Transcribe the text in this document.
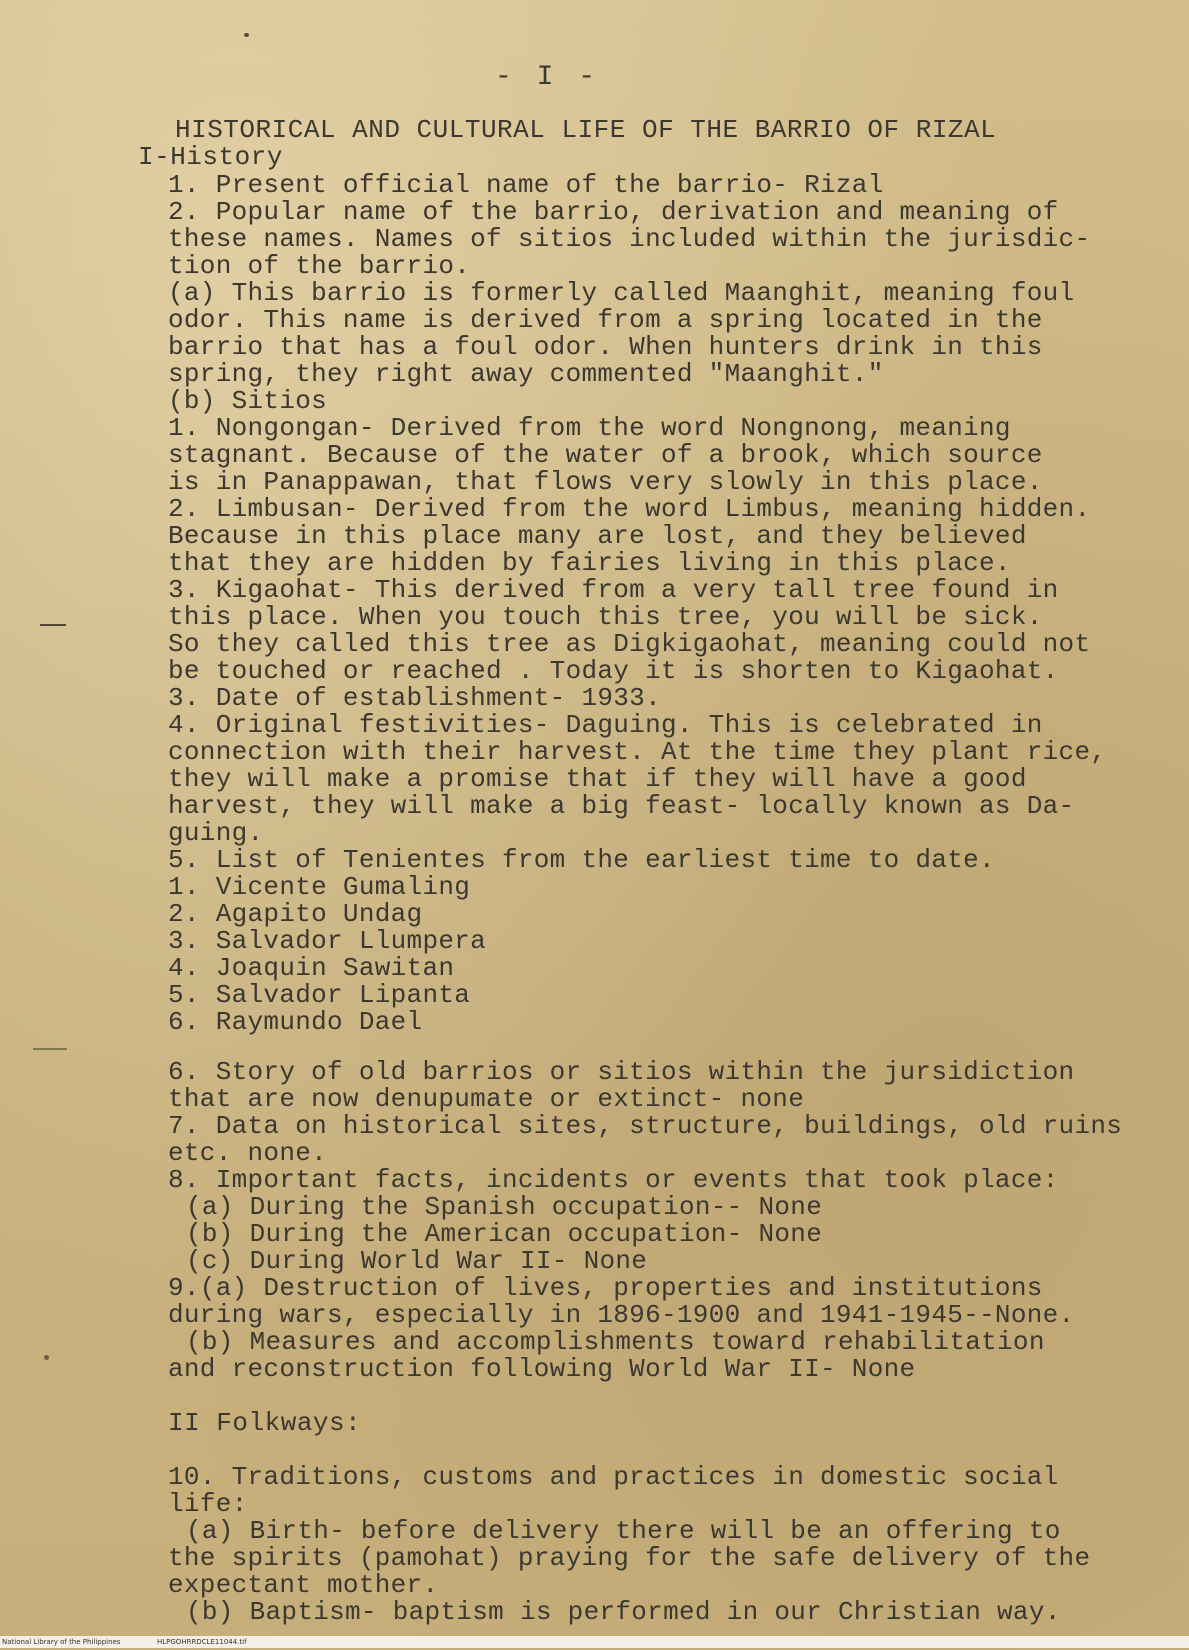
- I -
HISTORICAL AND CULTURAL LIFE OF THE BARRIO OF RIZAL
I-History
1. Present official name of the barrio- Rizal
2. Popular name of the barrio, derivation and meaning of
these names. Names of sitios included within the jurisdic-
tion of the barrio.
(a) This barrio is formerly called Maanghit, meaning foul
odor. This name is derived from a spring located in the
barrio that has a foul odor. When hunters drink in this
spring, they right away commented "Maanghit."
(b) Sitios
1. Nongongan- Derived from the word Nongnong, meaning
stagnant. Because of the water of a brook, which source
is in Panappawan, that flows very slowly in this place.
2. Limbusan- Derived from the word Limbus, meaning hidden.
Because in this place many are lost, and they believed
that they are hidden by fairies living in this place.
3. Kigaohat- This derived from a very tall tree found in
this place. When you touch this tree, you will be sick.
So they called this tree as Digkigaohat, meaning could not
be touched or reached . Today it is shorten to Kigaohat.
3. Date of establishment- 1933.
4. Original festivities- Daguing. This is celebrated in
connection with their harvest. At the time they plant rice,
they will make a promise that if they will have a good
harvest, they will make a big feast- locally known as Da-
guing.
5. List of Tenientes from the earliest time to date.
1. Vicente Gumaling
2. Agapito Undag
3. Salvador Llumpera
4. Joaquin Sawitan
5. Salvador Lipanta
6. Raymundo Dael
6. Story of old barrios or sitios within the jursidiction
that are now denupumate or extinct- none
7. Data on historical sites, structure, buildings, old ruins
etc. none.
8. Important facts, incidents or events that took place:
(a) During the Spanish occupation-- None
(b) During the American occupation- None
(c) During World War II- None
9.(a) Destruction of lives, properties and institutions
during wars, especially in 1896-1900 and 1941-1945--None.
(b) Measures and accomplishments toward rehabilitation
and reconstruction following World War II- None
II Folkways:
10. Traditions, customs and practices in domestic social
life:
(a) Birth- before delivery there will be an offering to
the spirits (pamohat) praying for the safe delivery of the
expectant mother.
(b) Baptism- baptism is performed in our Christian way.
National Library of the Philippines	HLPGOHRRDCLE11044.tif
